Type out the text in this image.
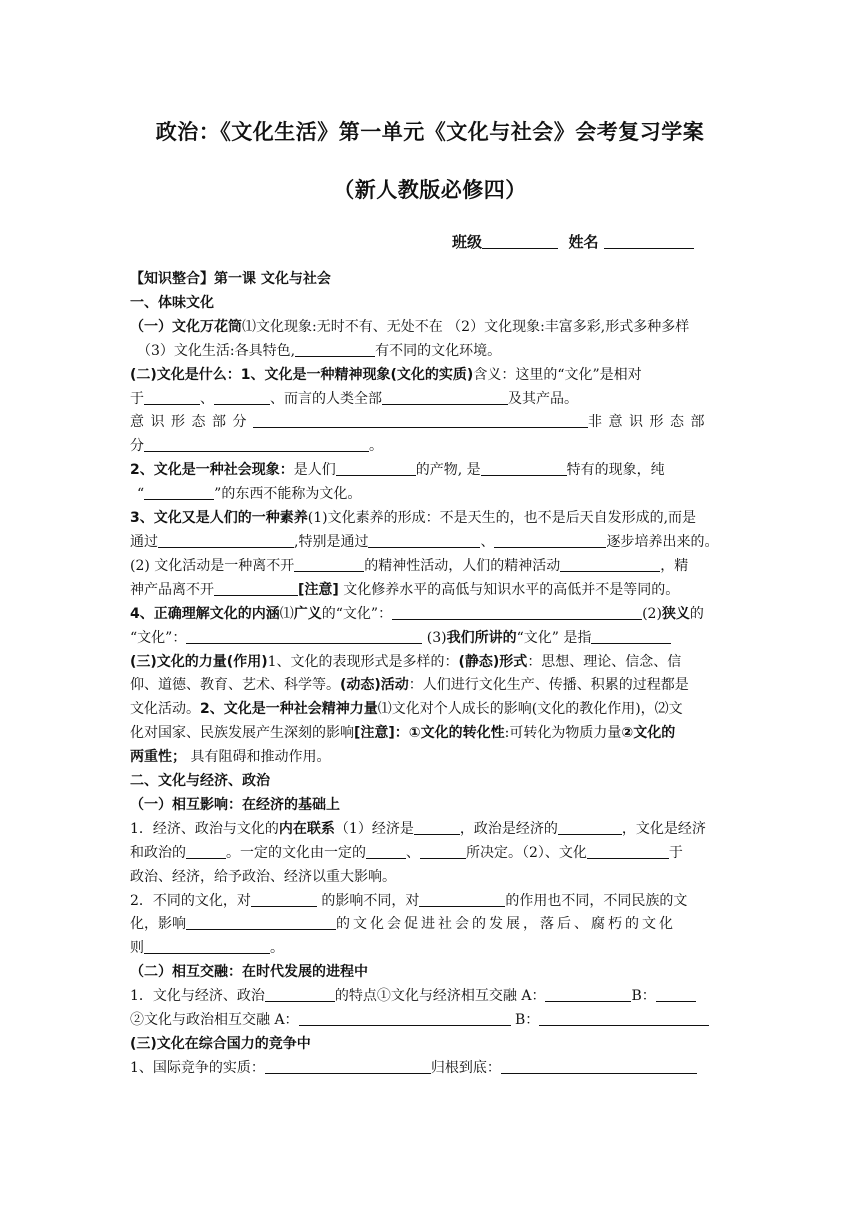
政治：《文化生活》第一单元《文化与社会》会考复习学案
（新人教版必修四）
班级	姓名

【知识整合】第一课 文化与社会

一、体味文化

（一）文化万花筒⑴文化现象:无时不有、无处不在 （2）文化现象:丰富多彩,形式多种多样

（3）文化生活:各具特色,	有不同的文化环境。

(二)文化是什么：1、文化是一种精神现象(文化的实质)含义：这里的“文化”是相对

于	、	、而言的人类全部	及其产品。

意识形态部分	非意识形态部

分	。

2、文化是一种社会现象：是人们	的产物, 是	特有的现象，纯

“	”的东西不能称为文化。

3、文化又是人们的一种素养(1)文化素养的形成：不是天生的，也不是后天自发形成的,而是

通过	,特别是通过	、	逐步培养出来的。

(2) 文化活动是一种离不开	的精神性活动，人们的精神活动	，精

神产品离不开	[注意] 文化修养水平的高低与知识水平的高低并不是等同的。

4、正确理解文化的内涵⑴广义的“文化”：	(2)狭义的

“文化”：	(3)我们所讲的“文化” 是指

(三)文化的力量(作用)1、文化的表现形式是多样的：(静态)形式：思想、理论、信念、信

仰、道德、教育、艺术、科学等。(动态)活动：人们进行文化生产、传播、积累的过程都是

文化活动。2、文化是一种社会精神力量⑴文化对个人成长的影响(文化的教化作用)，⑵文

化对国家、民族发展产生深刻的影响[注意]：①文化的转化性:可转化为物质力量②文化的

两重性； 具有阻碍和推动作用。

二、文化与经济、政治

（一）相互影响：在经济的基础上

1．经济、政治与文化的内在联系（1）经济是	，政治是经济的	，文化是经济

和政治的	。一定的文化由一定的	、	所决定。（2）、文化	于

政治、经济，给予政治、经济以重大影响。

2．不同的文化，对	的影响不同，对	的作用也不同，不同民族的文

化，影响	的文化会促进社会的发展，落后、腐朽的文化

则	。

（二）相互交融：在时代发展的进程中

1．文化与经济、政治	的特点①文化与经济相互交融 A：	B：

②文化与政治相互交融 A：	B：

(三)文化在综合国力的竞争中

1、国际竞争的实质：	归根到底：
